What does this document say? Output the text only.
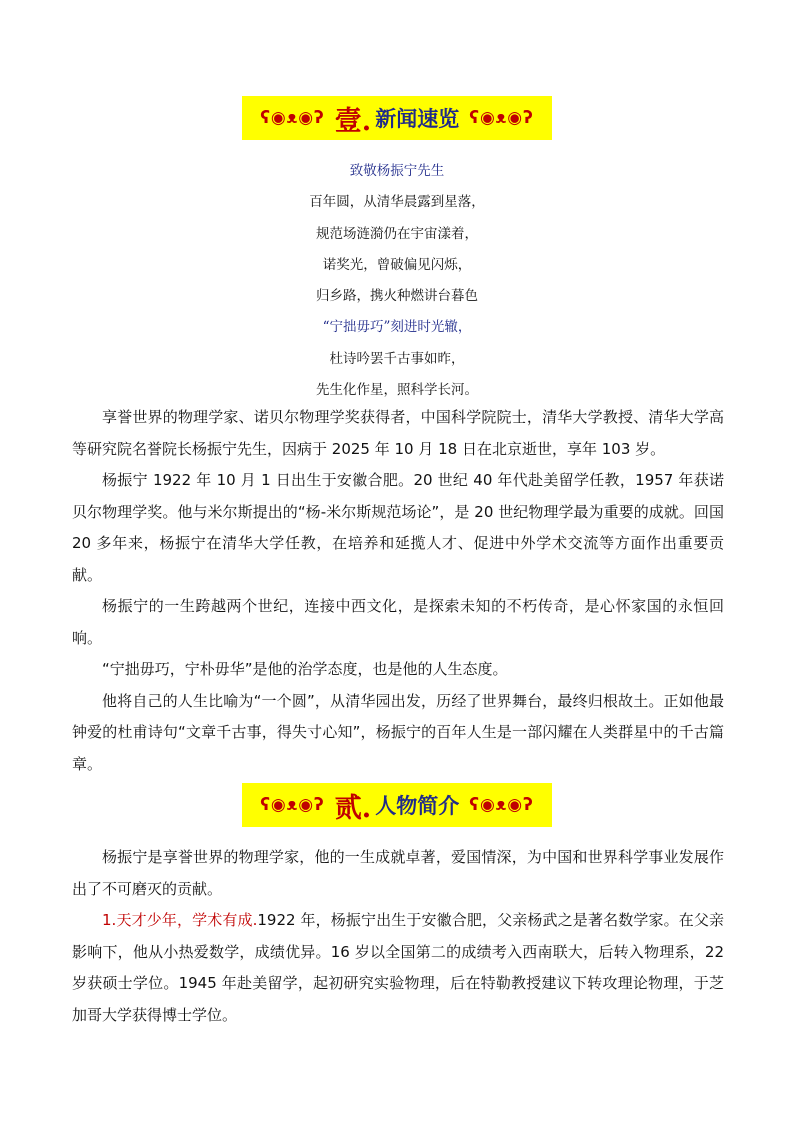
ʕ◉ᴥ◉ʔ 壹. 新闻速览 ʕ◉ᴥ◉ʔ
致敬杨振宁先生
百年圆，从清华晨露到星落，
规范场涟漪仍在宇宙漾着，
诺奖光，曾破偏见闪烁，
归乡路，携火种燃讲台暮色
“宁拙毋巧”刻进时光辙，
杜诗吟罢千古事如昨，
先生化作星，照科学长河。

享誉世界的物理学家、诺贝尔物理学奖获得者，中国科学院院士，清华大学教授、清华大学高等研究院名誉院长杨振宁先生，因病于 2025 年 10 月 18 日在北京逝世，享年 103 岁。

杨振宁 1922 年 10 月 1 日出生于安徽合肥。20 世纪 40 年代赴美留学任教，1957 年获诺贝尔物理学奖。他与米尔斯提出的“杨-米尔斯规范场论”，是 20 世纪物理学最为重要的成就。回国 20 多年来，杨振宁在清华大学任教，在培养和延揽人才、促进中外学术交流等方面作出重要贡献。

杨振宁的一生跨越两个世纪，连接中西文化，是探索未知的不朽传奇，是心怀家国的永恒回响。

“宁拙毋巧，宁朴毋华”是他的治学态度，也是他的人生态度。

他将自己的人生比喻为“一个圆”，从清华园出发，历经了世界舞台，最终归根故土。正如他最钟爱的杜甫诗句“文章千古事，得失寸心知”，杨振宁的百年人生是一部闪耀在人类群星中的千古篇章。

ʕ◉ᴥ◉ʔ 贰. 人物简介 ʕ◉ᴥ◉ʔ

杨振宁是享誉世界的物理学家，他的一生成就卓著，爱国情深，为中国和世界科学事业发展作出了不可磨灭的贡献。

1.天才少年，学术有成.1922 年，杨振宁出生于安徽合肥，父亲杨武之是著名数学家。在父亲影响下，他从小热爱数学，成绩优异。16 岁以全国第二的成绩考入西南联大，后转入物理系，22 岁获硕士学位。1945 年赴美留学，起初研究实验物理，后在特勒教授建议下转攻理论物理，于芝加哥大学获得博士学位。
